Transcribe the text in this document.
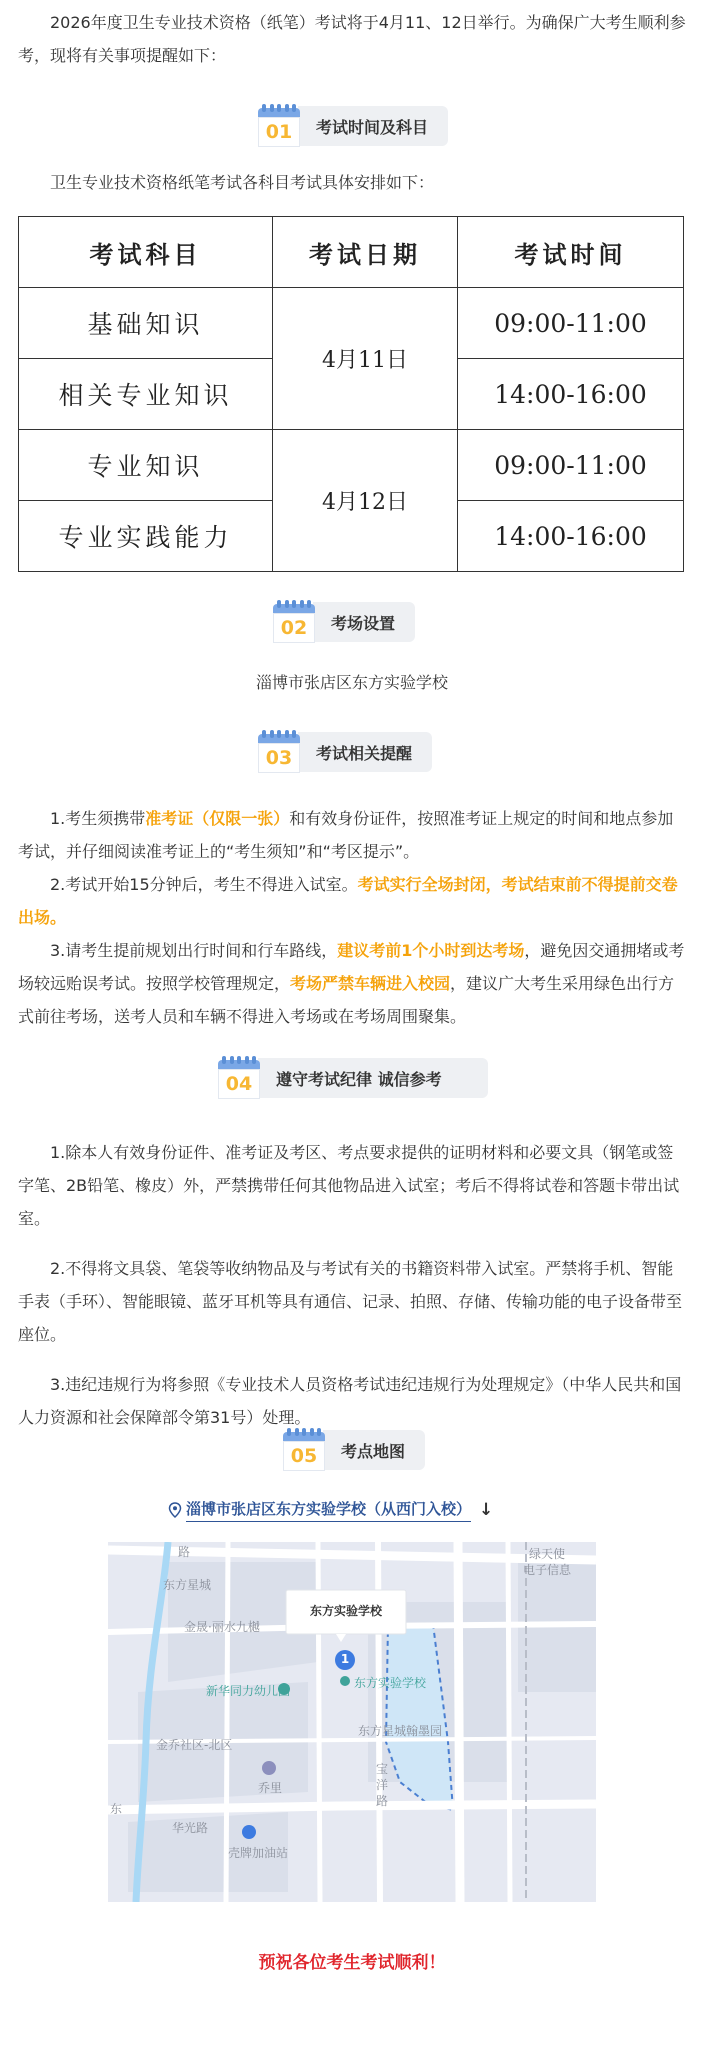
2026年度卫生专业技术资格（纸笔）考试将于4月11、12日举行。为确保广大考生顺利参考，现将有关事项提醒如下：

01	考试时间及科目

卫生专业技术资格纸笔考试各科目考试具体安排如下：

考试科目	考试日期	考试时间
基础知识	4月11日	09:00-11:00
相关专业知识		14:00-16:00
专业知识	4月12日	09:00-11:00
专业实践能力		14:00-16:00
02	考场设置
淄博市张店区东方实验学校
03	考试相关提醒

1.考生须携带准考证（仅限一张）和有效身份证件，按照准考证上规定的时间和地点参加考试，并仔细阅读准考证上的“考生须知”和“考区提示”。

2.考试开始15分钟后，考生不得进入试室。考试实行全场封闭，考试结束前不得提前交卷出场。

3.请考生提前规划出行时间和行车路线，建议考前1个小时到达考场，避免因交通拥堵或考场较远贻误考试。按照学校管理规定，考场严禁车辆进入校园，建议广大考生采用绿色出行方式前往考场，送考人员和车辆不得进入考场或在考场周围聚集。

04	遵守考试纪律 诚信参考

1.除本人有效身份证件、准考证及考区、考点要求提供的证明材料和必要文具（钢笔或签字笔、2B铅笔、橡皮）外，严禁携带任何其他物品进入试室；考后不得将试卷和答题卡带出试室。

2.不得将文具袋、笔袋等收纳物品及与考试有关的书籍资料带入试室。严禁将手机、智能手表（手环）、智能眼镜、蓝牙耳机等具有通信、记录、拍照、存储、传输功能的电子设备带至座位。

3.违纪违规行为将参照《专业技术人员资格考试违纪违规行为处理规定》（中华人民共和国人力资源和社会保障部令第31号）处理。

05	考点地图
淄博市张店区东方实验学校（从西门入校） ↓
路	绿天使
电子信息
东方星城
金晟·丽水九樾
新华同力幼儿园
东方实验学校
东方星城翰墨园
金乔社区-北区
乔里
宝
洋
路
华光路
东
壳牌加油站
东方实验学校
1
预祝各位考生考试顺利！
